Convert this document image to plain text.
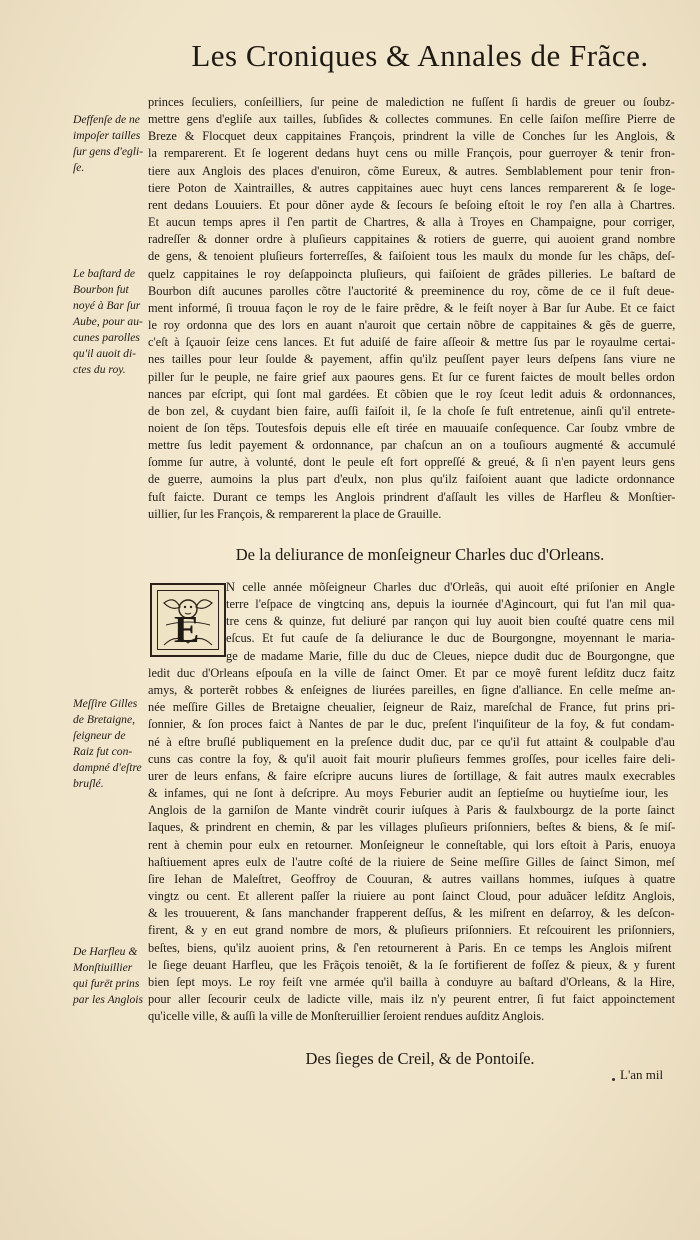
Les Croniques & Annales de Frãce.
Deffenſe de ne
impoſer tailles
ſur gens d'egli-
ſe.
Le baſtard de
Bourbon fut
noyé à Bar ſur
Aube, pour au-
cunes parolles
qu'il auoit di-
ctes du roy.
Meſſire Gilles
de Bretaigne,
ſeigneur de
Raiz fut con-
dampné d'eſtre
bruſlé.
De Harfleu &
Monſtiuillier
qui furët prins
par les Anglois
princes ſeculiers, conſeilliers, ſur peine de malediction ne fuſſent ſi hardis de greuer ou ſoubz-
mettre gens d'egliſe aux tailles, ſubſides & collectes communes. En celle ſaiſon meſſire Pierre de
Breze & Flocquet deux cappitaines François, prindrent la ville de Conches ſur les Anglois, &
la remparerent. Et ſe logerent dedans huyt cens ou mille François, pour guerroyer & tenir fron-
tiere aux Anglois des places d'enuiron, cõme Eureux, & autres. Semblablement pour tenir fron-
tiere Poton de Xaintrailles, & autres cappitaines auec huyt cens lances remparerent & ſe loge-
rent dedans Louuiers. Et pour dõner ayde & ſecours ſe beſoing eſtoit le roy ſ'en alla à Chartres.
Et aucun temps apres il ſ'en partit de Chartres, & alla à Troyes en Champaigne, pour corriger,
radreſſer & donner ordre à pluſieurs cappitaines & rotiers de guerre, qui auoient grand nombre
de gens, & tenoient pluſieurs forterreſſes, & faiſoient tous les maulx du monde ſur les chãps, deſ-
quelz cappitaines le roy deſappoincta pluſieurs, qui faiſoient de grãdes pilleries. Le baſtard de
Bourbon diſt aucunes parolles cõtre l'auctorité & preeminence du roy, cõme de ce il fuſt deue-
ment informé, ſi trouua façon le roy de le faire prẽdre, & le feiſt noyer à Bar ſur Aube. Et ce faict
le roy ordonna que des lors en auant n'auroit que certain nõbre de cappitaines & gẽs de guerre,
c'eſt à ſçauoir ſeize cens lances. Et fut aduiſé de faire aſſeoir & mettre ſus par le royaulme certai-
nes tailles pour leur ſoulde & payement, affin qu'ilz peuſſent payer leurs deſpens ſans viure ne
piller ſur le peuple, ne faire grief aux paoures gens. Et ſur ce furent faictes de moult belles ordon
nances par eſcript, qui ſont mal gardées. Et cõbien que le roy ſceut ledit aduis & ordonnances,
de bon zel, & cuydant bien faire, auſſi faiſoit il, ſe la choſe ſe fuſt entretenue, ainſi qu'il entrete-
noient de ſon tẽps. Toutesfois depuis elle eſt tirée en mauuaiſe conſequence. Car ſoubz vmbre de
mettre ſus ledit payement & ordonnance, par chaſcun an on a touſiours augmenté & accumulé
ſomme ſur autre, à volunté, dont le peule eſt fort oppreſſé & greué, & ſi n'en payent leurs gens
de guerre, aumoins la plus part d'eulx, non plus qu'ilz faiſoient auant que ladicte ordonnance
fuſt faicte. Durant ce temps les Anglois prindrent d'aſſault les villes de Harfleu & Monſtier-
uillier, ſur les François, & remparerent la place de Grauille.
De la deliurance de monſeigneur Charles duc d'Orleans.
E
N celle année mõſeigneur Charles duc d'Orleãs, qui auoit eſté priſonier en Angle
terre l'eſpace de vingtcinq ans, depuis la iournée d'Agincourt, qui fut l'an mil qua-
tre cens & quinze, fut deliuré par rançon qui luy auoit bien couſté quatre cens mil
eſcus. Et fut cauſe de ſa deliurance le duc de Bourgongne, moyennant le maria-
ge de madame Marie, fille du duc de Cleues, niepce dudit duc de Bourgongne, que
ledit duc d'Orleans eſpouſa en la ville de ſainct Omer. Et par ce moyẽ furent leſditz ducz faitz
amys, & porterẽt robbes & enſeignes de liurées pareilles, en ſigne d'alliance. En celle meſme an-
née meſſire Gilles de Bretaigne cheualier, ſeigneur de Raiz, mareſchal de France, fut prins pri-
ſonnier, & ſon proces faict à Nantes de par le duc, preſent l'inquiſiteur de la foy, & fut condam-
né à eſtre bruſlé publiquement en la preſence dudit duc, par ce qu'il fut attaint & coulpable d'au
cuns cas contre la foy, & qu'il auoit fait mourir pluſieurs femmes groſſes, pour icelles faire deli-
urer de leurs enfans, & faire eſcripre aucuns liures de ſortillage, & fait autres maulx execrables
& infames, qui ne ſont à deſcripre. Au moys Feburier audit an ſeptieſme ou huytieſme iour, les
Anglois de la garniſon de Mante vindrẽt courir iuſques à Paris & faulxbourgz de la porte ſainct
Iaques, & prindrent en chemin, & par les villages pluſieurs priſonniers, beſtes & biens, & ſe miſ-
rent à chemin pour eulx en retourner. Monſeigneur le conneſtable, qui lors eſtoit à Paris, enuoya
haſtiuement apres eulx de l'autre coſté de la riuiere de Seine meſſire Gilles de ſainct Simon, meſ
ſire Iehan de Maleſtret, Geoffroy de Couuran, & autres vaillans hommes, iuſques à quatre
vingtz ou cent. Et allerent paſſer la riuiere au pont ſainct Cloud, pour aduãcer leſditz Anglois,
& les trouuerent, & ſans manchander frapperent deſſus, & les miſrent en deſarroy, & les deſcon-
firent, & y en eut grand nombre de mors, & pluſieurs priſonniers. Et reſcouirent les priſonniers,
beſtes, biens, qu'ilz auoient prins, & ſ'en retournerent à Paris. En ce temps les Anglois miſrent
le ſiege deuant Harfleu, que les Frãçois tenoiẽt, & la ſe fortifierent de foſſez & pieux, & y furent
bien ſept moys. Le roy feiſt vne armée qu'il bailla à conduyre au baſtard d'Orleans, & la Hire,
pour aller ſecourir ceulx de ladicte ville, mais ilz n'y peurent entrer, ſi fut faict appoinctement
qu'icelle ville, & auſſi la ville de Monſteruillier ſeroient rendues auſditz Anglois.
Des ſieges de Creil, & de Pontoiſe.
L'an mil
